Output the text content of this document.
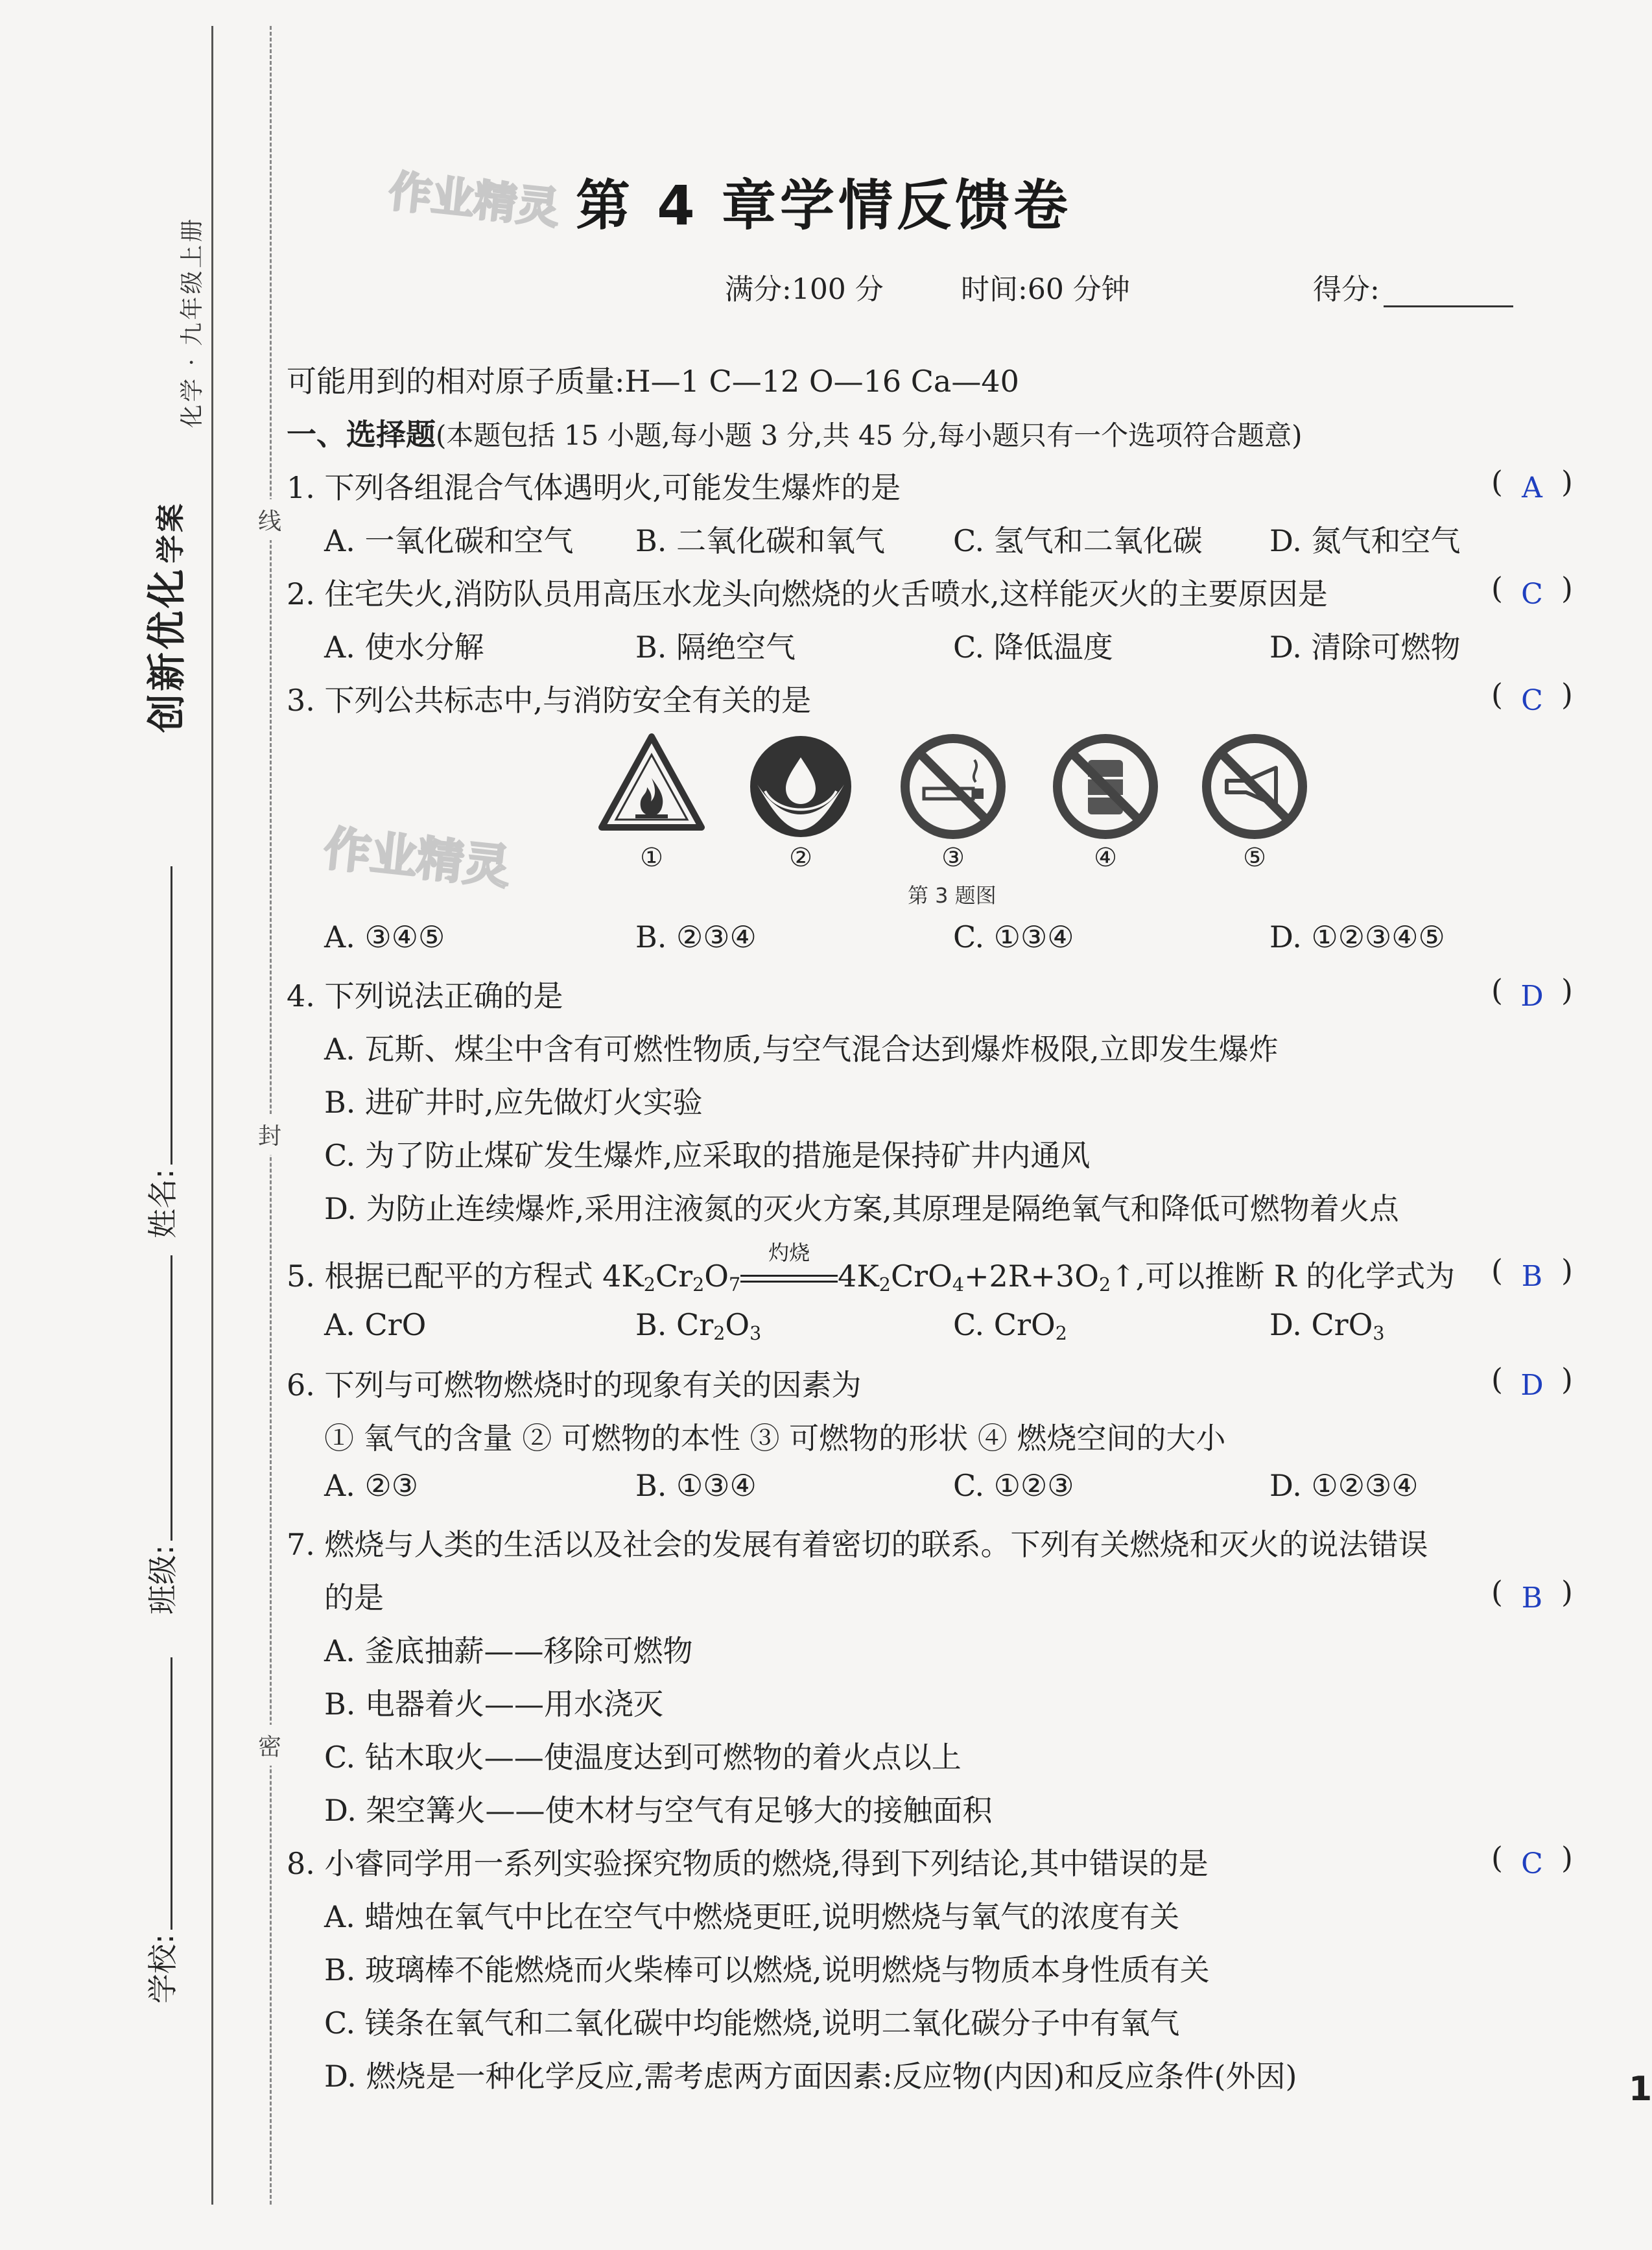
创新优化 学案
化学 · 九年级上册
姓名:
班级:
学校:
线
封
密
作业精灵
作业精灵
第 4 章学情反馈卷
满分:100 分	时间:60 分钟	得分:
可能用到的相对原子质量:H—1 C—12 O—16 Ca—40
一、选择题(本题包括 15 小题,每小题 3 分,共 45 分,每小题只有一个选项符合题意)
1. 下列各组混合气体遇明火,可能发生爆炸的是	( A )
A. 一氧化碳和空气 B. 二氧化碳和氧气 C. 氢气和二氧化碳 D. 氮气和空气
2. 住宅失火,消防队员用高压水龙头向燃烧的火舌喷水,这样能灭火的主要原因是	( C )
A. 使水分解	B. 隔绝空气	C. 降低温度	D. 清除可燃物
3. 下列公共标志中,与消防安全有关的是	( C )
①	②	③	④	⑤
第 3 题图
A. ③④⑤	B. ②③④	C. ①③④	D. ①②③④⑤
4. 下列说法正确的是	( D )
A. 瓦斯、煤尘中含有可燃性物质,与空气混合达到爆炸极限,立即发生爆炸
B. 进矿井时,应先做灯火实验
C. 为了防止煤矿发生爆炸,应采取的措施是保持矿井内通风
D. 为防止连续爆炸,采用注液氮的灭火方案,其原理是隔绝氧气和降低可燃物着火点
5. 根据已配平的方程式 $4K_2Cr_2O_7$
灼烧
$4K_2CrO_4+2R+3O_2↑$,可以推断 R 的化学式为 ( B )
A. CrO	B. $Cr_2O_3$	C. CrO$_2$	D. CrO$_3$
6. 下列与可燃物燃烧时的现象有关的因素为	( D )
① 氧气的含量 ② 可燃物的本性 ③ 可燃物的形状 ④ 燃烧空间的大小
A. ②③	B. ①③④	C. ①②③	D. ①②③④
7. 燃烧与人类的生活以及社会的发展有着密切的联系。下列有关燃烧和灭火的说法错误
的是	( B )
A. 釜底抽薪——移除可燃物
B. 电器着火——用水浇灭
C. 钻木取火——使温度达到可燃物的着火点以上
D. 架空篝火——使木材与空气有足够大的接触面积
8. 小睿同学用一系列实验探究物质的燃烧,得到下列结论,其中错误的是	( C )
A. 蜡烛在氧气中比在空气中燃烧更旺,说明燃烧与氧气的浓度有关
B. 玻璃棒不能燃烧而火柴棒可以燃烧,说明燃烧与物质本身性质有关
C. 镁条在氧气和二氧化碳中均能燃烧,说明二氧化碳分子中有氧气
D. 燃烧是一种化学反应,需考虑两方面因素:反应物(内因)和反应条件(外因)	1
